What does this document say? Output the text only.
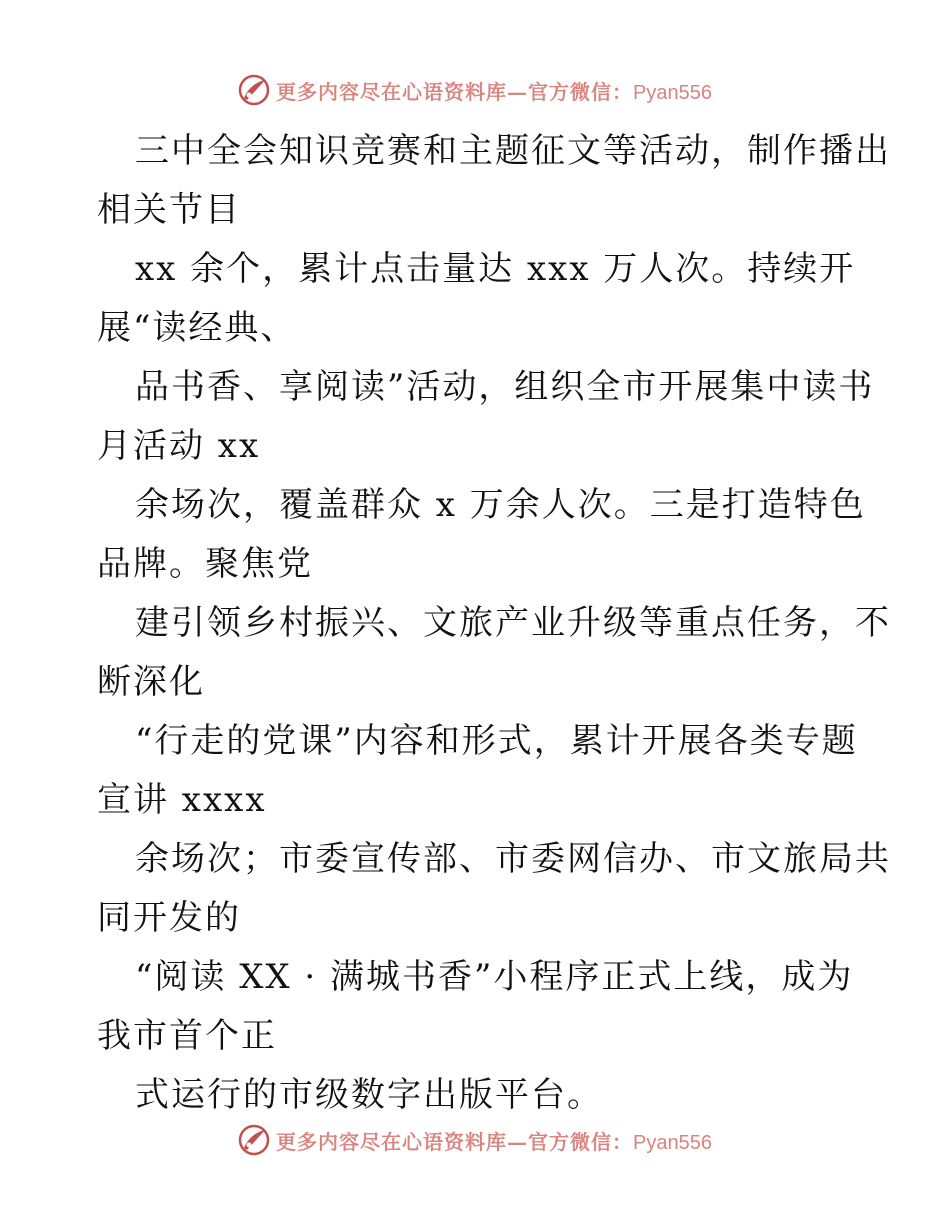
更多内容尽在心语资料库—官方微信：Pyan556
三中全会知识竞赛和主题征文等活动，制作播出
相关节目
xx 余个，累计点击量达 xxx 万人次。持续开
展“读经典、
品书香、享阅读”活动，组织全市开展集中读书
月活动 xx
余场次，覆盖群众 x 万余人次。三是打造特色
品牌。聚焦党
建引领乡村振兴、文旅产业升级等重点任务，不
断深化
“行走的党课”内容和形式，累计开展各类专题
宣讲 xxxx
余场次；市委宣传部、市委网信办、市文旅局共
同开发的
“阅读 XX · 满城书香”小程序正式上线，成为
我市首个正
式运行的市级数字出版平台。
更多内容尽在心语资料库—官方微信：Pyan556
